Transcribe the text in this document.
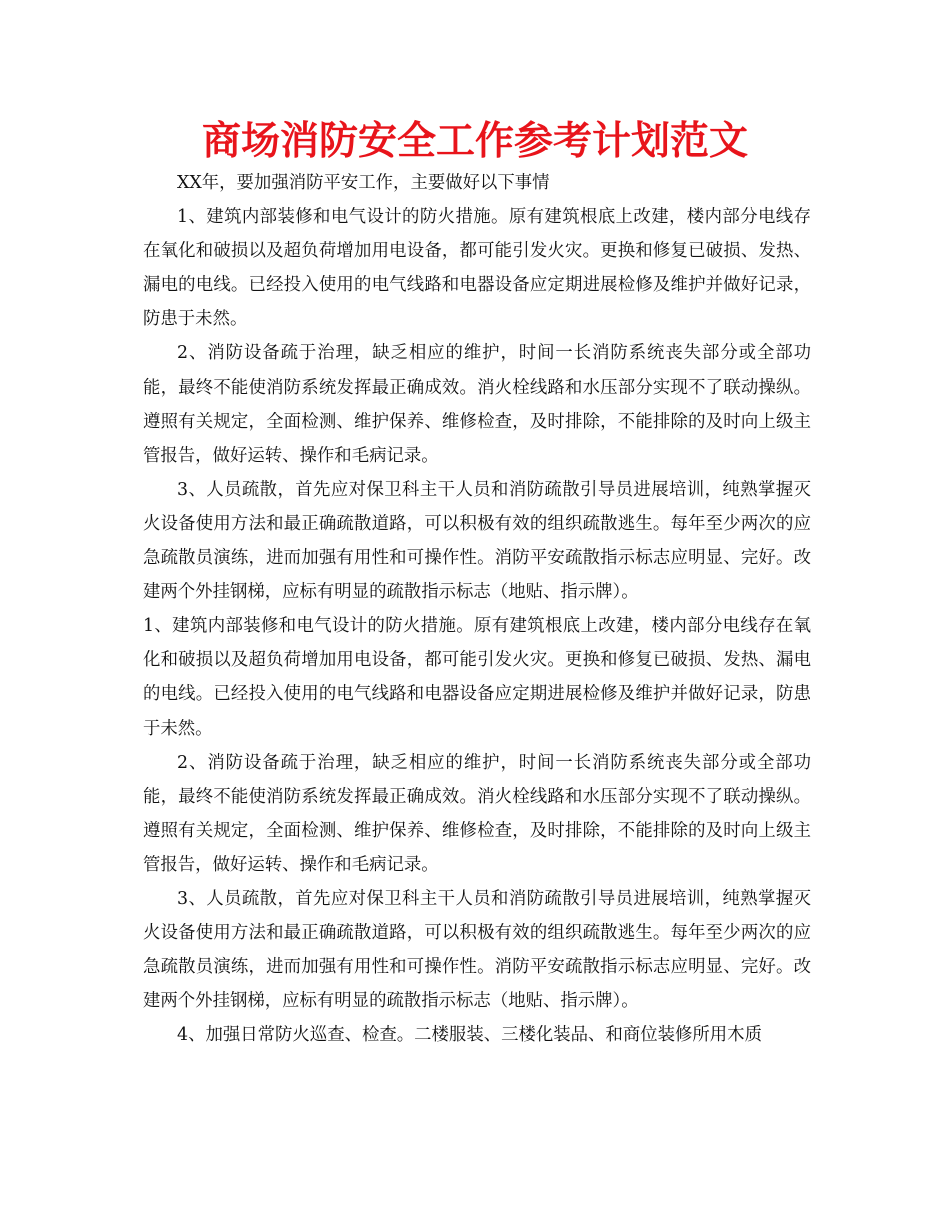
商场消防安全工作参考计划范文

XX年，要加强消防平安工作，主要做好以下事情

1、建筑内部装修和电气设计的防火措施。原有建筑根底上改建，楼内部分电线存在氧化和破损以及超负荷增加用电设备，都可能引发火灾。更换和修复已破损、发热、漏电的电线。已经投入使用的电气线路和电器设备应定期进展检修及维护并做好记录，防患于未然。

2、消防设备疏于治理，缺乏相应的维护，时间一长消防系统丧失部分或全部功能，最终不能使消防系统发挥最正确成效。消火栓线路和水压部分实现不了联动操纵。遵照有关规定，全面检测、维护保养、维修检查，及时排除，不能排除的及时向上级主管报告，做好运转、操作和毛病记录。

3、人员疏散，首先应对保卫科主干人员和消防疏散引导员进展培训，纯熟掌握灭火设备使用方法和最正确疏散道路，可以积极有效的组织疏散逃生。每年至少两次的应急疏散员演练，进而加强有用性和可操作性。消防平安疏散指示标志应明显、完好。改建两个外挂钢梯，应标有明显的疏散指示标志（地贴、指示牌）。

1、建筑内部装修和电气设计的防火措施。原有建筑根底上改建，楼内部分电线存在氧化和破损以及超负荷增加用电设备，都可能引发火灾。更换和修复已破损、发热、漏电的电线。已经投入使用的电气线路和电器设备应定期进展检修及维护并做好记录，防患于未然。

2、消防设备疏于治理，缺乏相应的维护，时间一长消防系统丧失部分或全部功能，最终不能使消防系统发挥最正确成效。消火栓线路和水压部分实现不了联动操纵。遵照有关规定，全面检测、维护保养、维修检查，及时排除，不能排除的及时向上级主管报告，做好运转、操作和毛病记录。

3、人员疏散，首先应对保卫科主干人员和消防疏散引导员进展培训，纯熟掌握灭火设备使用方法和最正确疏散道路，可以积极有效的组织疏散逃生。每年至少两次的应急疏散员演练，进而加强有用性和可操作性。消防平安疏散指示标志应明显、完好。改建两个外挂钢梯，应标有明显的疏散指示标志（地贴、指示牌）。

4、加强日常防火巡查、检查。二楼服装、三楼化装品、和商位装修所用木质
